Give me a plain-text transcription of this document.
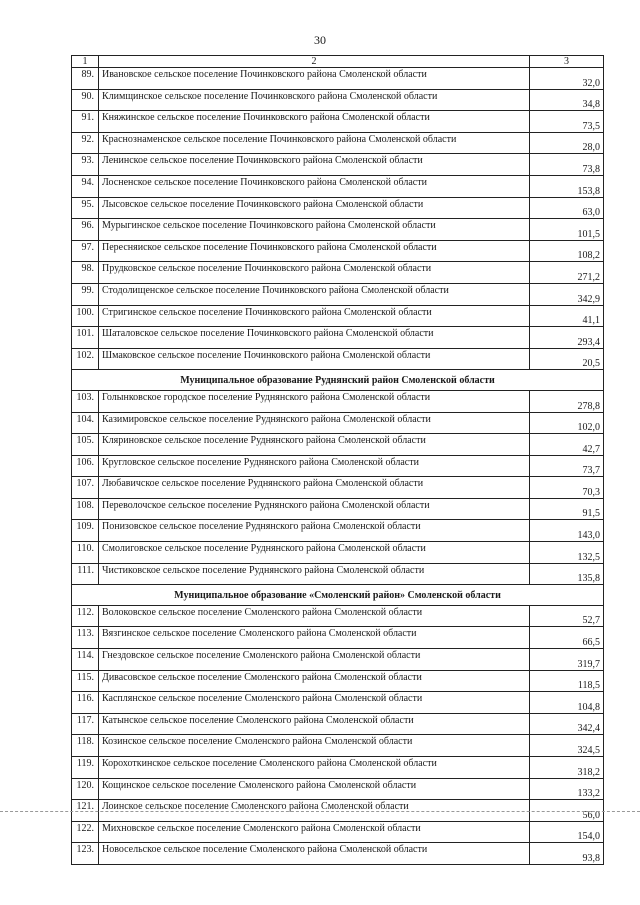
30
1	2	3
89.	Ивановское сельское поселение Починковского района Смоленской области	32,0
90.	Климщинское сельское поселение Починковского района Смоленской области	34,8
91.	Княжинское сельское поселение Починковского района Смоленской области	73,5
92.	Краснознаменское сельское поселение Починковского района Смоленской области	28,0
93.	Ленинское сельское поселение Починковского района Смоленской области	73,8
94.	Лосненское сельское поселение Починковского района Смоленской области	153,8
95.	Лысовское сельское поселение Починковского района Смоленской области	63,0
96.	Мурыгинское сельское поселение Починковского района Смоленской области	101,5
97.	Пересняиское сельское поселение Починковского района Смоленской области	108,2
98.	Прудковское сельское поселение Починковского района Смоленской области	271,2
99.	Стодолищенское сельское поселение Починковского района Смоленской области	342,9
100.	Стригинское сельское поселение Починковского района Смоленской области	41,1
101.	Шаталовское сельское поселение Починковского района Смоленской области	293,4
102.	Шмаковское сельское поселение Починковского района Смоленской области	20,5
Муниципальное образование Руднянский район Смоленской области		
103.	Голынковское городское поселение Руднянского района Смоленской области	278,8
104.	Казимировское сельское поселение Руднянского района Смоленской области	102,0
105.	Кляриновское сельское поселение Руднянского района Смоленской области	42,7
106.	Кругловское сельское поселение Руднянского района Смоленской области	73,7
107.	Любавичское сельское поселение Руднянского района Смоленской области	70,3
108.	Переволочское сельское поселение Руднянского района Смоленской области	91,5
109.	Понизовское сельское поселение Руднянского района Смоленской области	143,0
110.	Смолиговское сельское поселение Руднянского района Смоленской области	132,5
111.	Чистиковское сельское поселение Руднянского района Смоленской области	135,8
Муниципальное образование «Смоленский район» Смоленской области		
112.	Волоковское сельское поселение Смоленского района Смоленской области	52,7
113.	Вязгинское сельское поселение Смоленского района Смоленской области	66,5
114.	Гнездовское сельское поселение Смоленского района Смоленской области	319,7
115.	Дивасовское сельское поселение Смоленского района Смоленской области	118,5
116.	Касплянское сельское поселение Смоленского района Смоленской области	104,8
117.	Катынское сельское поселение Смоленского района Смоленской области	342,4
118.	Козинское сельское поселение Смоленского района Смоленской области	324,5
119.	Корохоткинское сельское поселение Смоленского района Смоленской области	318,2
120.	Кощинское сельское поселение Смоленского района Смоленской области	133,2
121.	Лоинское сельское поселение Смоленского района Смоленской области	56,0
122.	Михновское сельское поселение Смоленского района Смоленской области	154,0
123.	Новосельское сельское поселение Смоленского района Смоленской области	93,8
